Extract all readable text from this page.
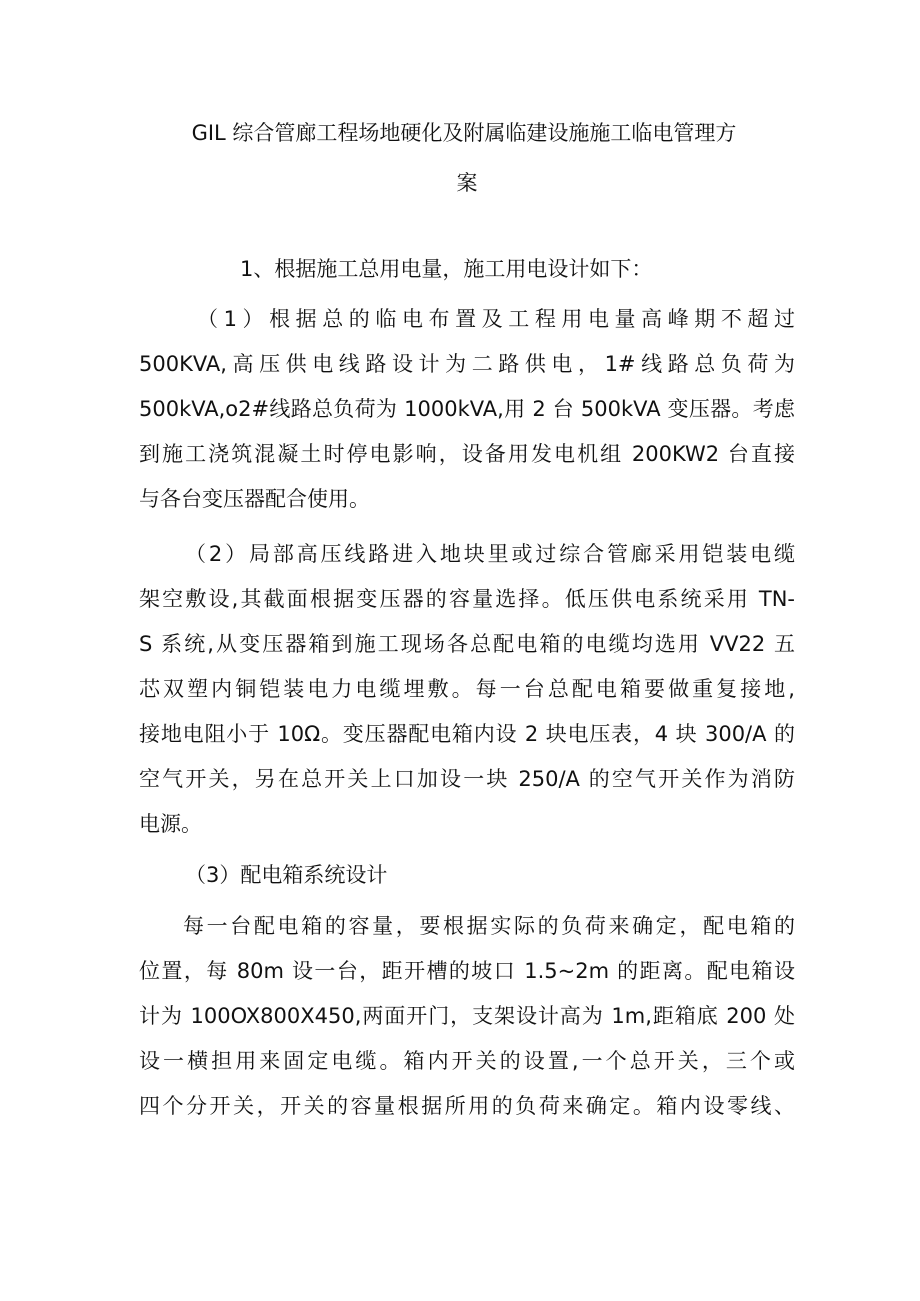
GIL 综合管廊工程场地硬化及附属临建设施施工临电管理方
案
1、根据施工总用电量，施工用电设计如下：
（1）根据总的临电布置及工程用电量高峰期不超过
500KVA,高压供电线路设计为二路供电，1#线路总负荷为
500kVA,o2#线路总负荷为 1000kVA,用 2 台 500kVA 变压器。考虑
到施工浇筑混凝土时停电影响，设备用发电机组 200KW2 台直接
与各台变压器配合使用。
（2）局部高压线路进入地块里或过综合管廊采用铠装电缆
架空敷设,其截面根据变压器的容量选择。低压供电系统采用 TN-
S 系统,从变压器箱到施工现场各总配电箱的电缆均选用 VV22 五
芯双塑内铜铠装电力电缆埋敷。每一台总配电箱要做重复接地,
接地电阻小于 10Ω。变压器配电箱内设 2 块电压表，4 块 300/A 的
空气开关，另在总开关上口加设一块 250/A 的空气开关作为消防
电源。
（3）配电箱系统设计
每一台配电箱的容量，要根据实际的负荷来确定，配电箱的
位置，每 80m 设一台，距开槽的坡口 1.5~2m 的距离。配电箱设
计为 100OX800X450,两面开门，支架设计高为 1m,距箱底 200 处
设一横担用来固定电缆。箱内开关的设置,一个总开关，三个或
四个分开关，开关的容量根据所用的负荷来确定。箱内设零线、
